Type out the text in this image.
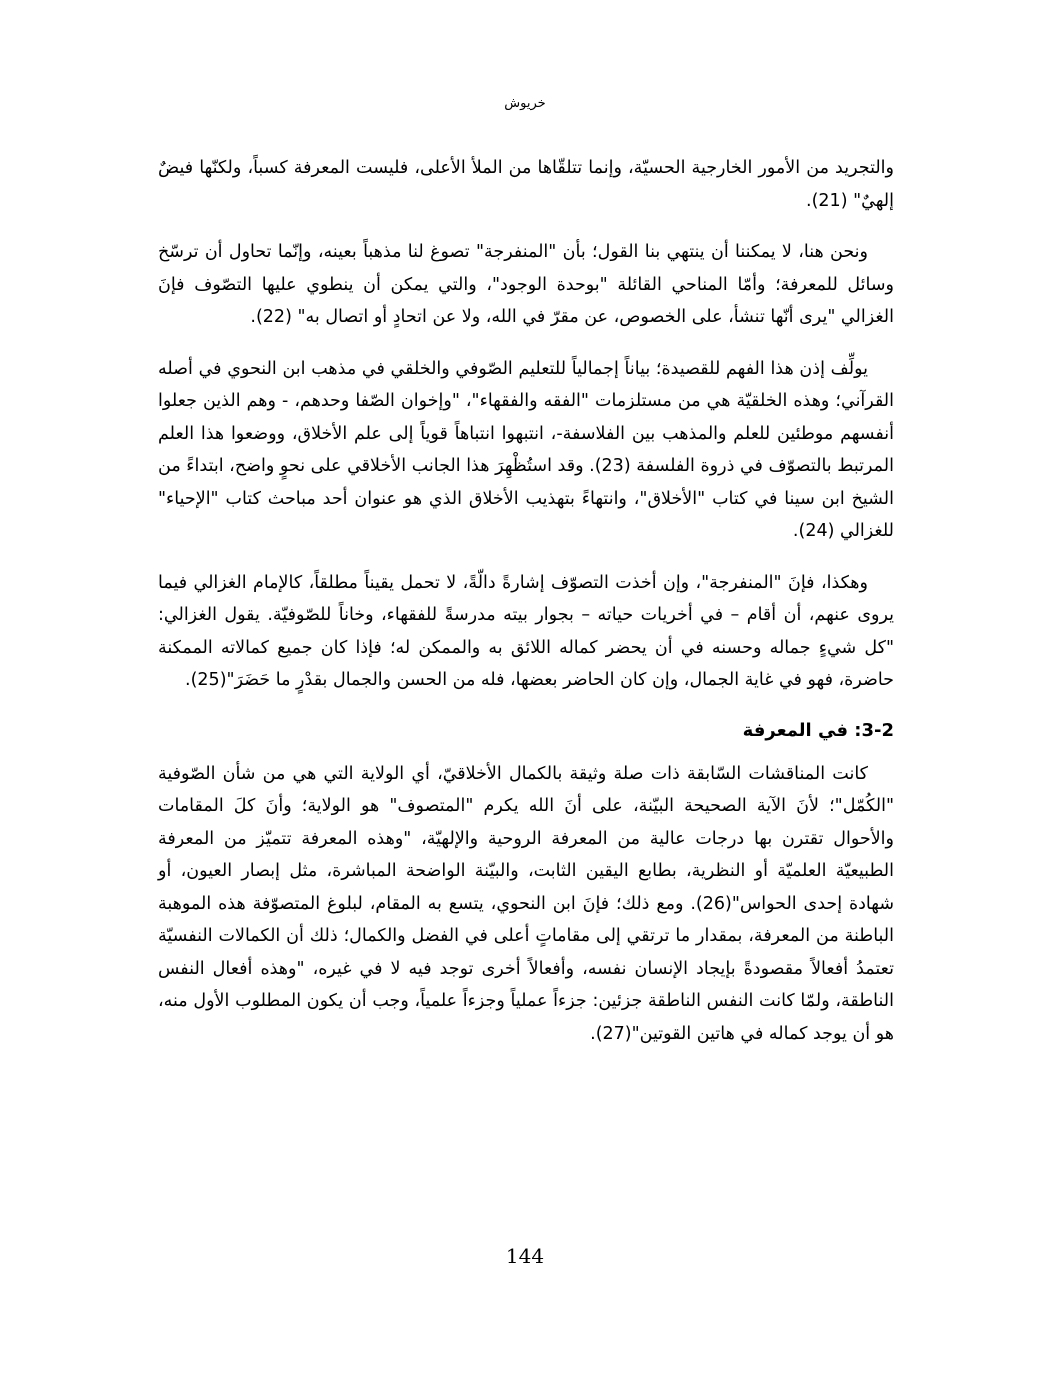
خريوش

والتجريد من الأمور الخارجية الحسيّة، وإنما تتلقّاها من الملأ الأعلى، فليست المعرفة كسباً، ولكنّها فيضٌ إلهيٌ" (21).

ونحن هنا، لا يمكننا أن ينتهي بنا القول؛ بأن "المنفرجة" تصوغ لنا مذهباً بعينه، وإنّما تحاول أن ترسّخ وسائل للمعرفة؛ وأمّا المناحي القائلة "بوحدة الوجود"، والتي يمكن أن ينطوي عليها التصّوف فإنَ الغزالي "يرى أنّها تنشأ، على الخصوص، عن مقرّ في الله، ولا عن اتحادٍ أو اتصال به" (22).

يولِّف إذن هذا الفهم للقصيدة؛ بياناً إجمالياً للتعليم الصّوفي والخلقي في مذهب ابن النحوي في أصله القرآني؛ وهذه الخلقيّة هي من مستلزمات "الفقه والفقهاء"، "وإخوان الصّفا وحدهم، - وهم الذين جعلوا أنفسهم موطئين للعلم والمذهب بين الفلاسفة-، انتبهوا انتباهاً قوياً إلى علم الأخلاق، ووضعوا هذا العلم المرتبط بالتصوّف في ذروة الفلسفة (23). وقد استُظْهِرَ هذا الجانب الأخلاقي على نحوٍ واضح، ابتداءً من الشيخ ابن سينا في كتاب "الأخلاق"، وانتهاءً بتهذيب الأخلاق الذي هو عنوان أحد مباحث كتاب "الإحياء" للغزالي (24).

وهكذا، فإنَ "المنفرجة"، وإن أخذت التصوّف إشارةً دالّةً، لا تحمل يقيناً مطلقاً، كالإمام الغزالي فيما يروى عنهم، أن أقام – في أخريات حياته – بجوار بيته مدرسةً للفقهاء، وخاناً للصّوفيّة. يقول الغزالي: "كل شيءٍ جماله وحسنه في أن يحضر كماله اللائق به والممكن له؛ فإذا كان جميع كمالاته الممكنة حاضرة، فهو في غاية الجمال، وإن كان الحاضر بعضها، فله من الحسن والجمال بقدْرٍ ما حَضَرَ"(25).

3-2: في المعرفة

كانت المناقشات السّابقة ذات صلة وثيقة بالكمال الأخلاقيّ، أي الولاية التي هي من شأن الصّوفية "الكُمّل"؛ لأنَ الآية الصحيحة البيّنة، على أنَ الله يكرم "المتصوف" هو الولاية؛ وأنَ كلَ المقامات والأحوال تقترن بها درجات عالية من المعرفة الروحية والإلهيّة، "وهذه المعرفة تتميّز من المعرفة الطبيعيّة العلميّة أو النظرية، بطابع اليقين الثابت، والبيّنة الواضحة المباشرة، مثل إبصار العيون، أو شهادة إحدى الحواس"(26). ومع ذلك؛ فإنَ ابن النحوي، يتسع به المقام، لبلوغ المتصوّفة هذه الموهبة الباطنة من المعرفة، بمقدار ما ترتقي إلى مقاماتٍ أعلى في الفضل والكمال؛ ذلك أن الكمالات النفسيّة تعتمدُ أفعالاً مقصودةً بإيجاد الإنسان نفسه، وأفعالاً أخرى توجد فيه لا في غيره، "وهذه أفعال النفس الناطقة، ولمّا كانت النفس الناطقة جزئين: جزءاً عملياً وجزءاً علمياً، وجب أن يكون المطلوب الأول منه، هو أن يوجد كماله في هاتين القوتين"(27).

144
